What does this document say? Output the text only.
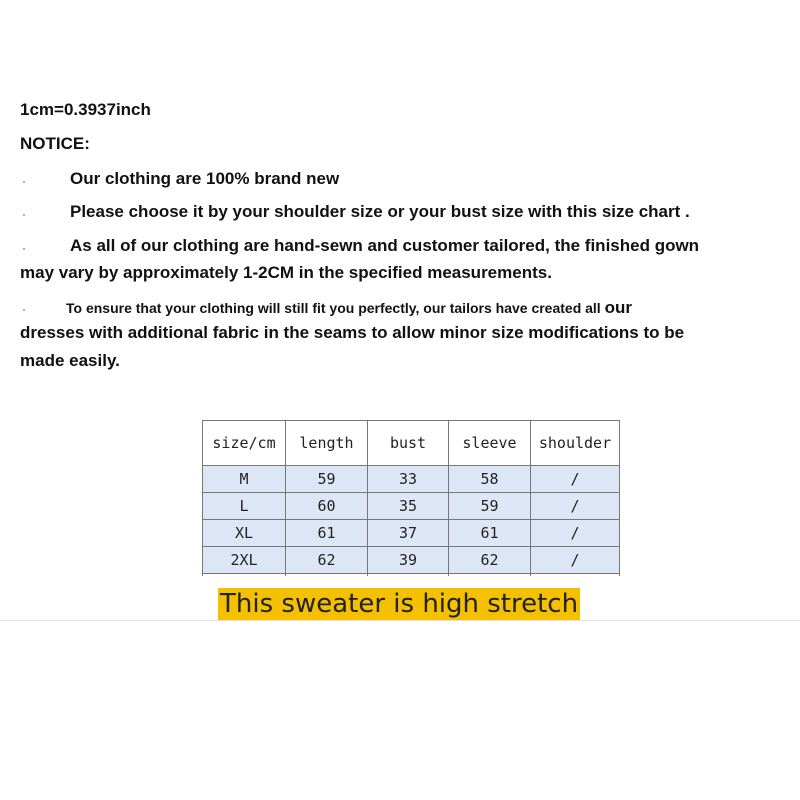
1cm=0.3937inch

NOTICE:

·	Our clothing are 100% brand new

·	Please choose it by your shoulder size or your bust size with this size chart .

·	As all of our clothing are hand-sewn and customer tailored, the finished gown

may vary by approximately 1-2CM in the specified measurements.

·	To ensure that your clothing will still fit you perfectly, our tailors have created all our

dresses with additional fabric in the seams to allow minor size modifications to be

made easily.

size/cm	length	bust	sleeve	shoulder
M	59	33	58	/
L	60	35	59	/
XL	61	37	61	/
2XL	62	39	62	/
This sweater is high stretch
